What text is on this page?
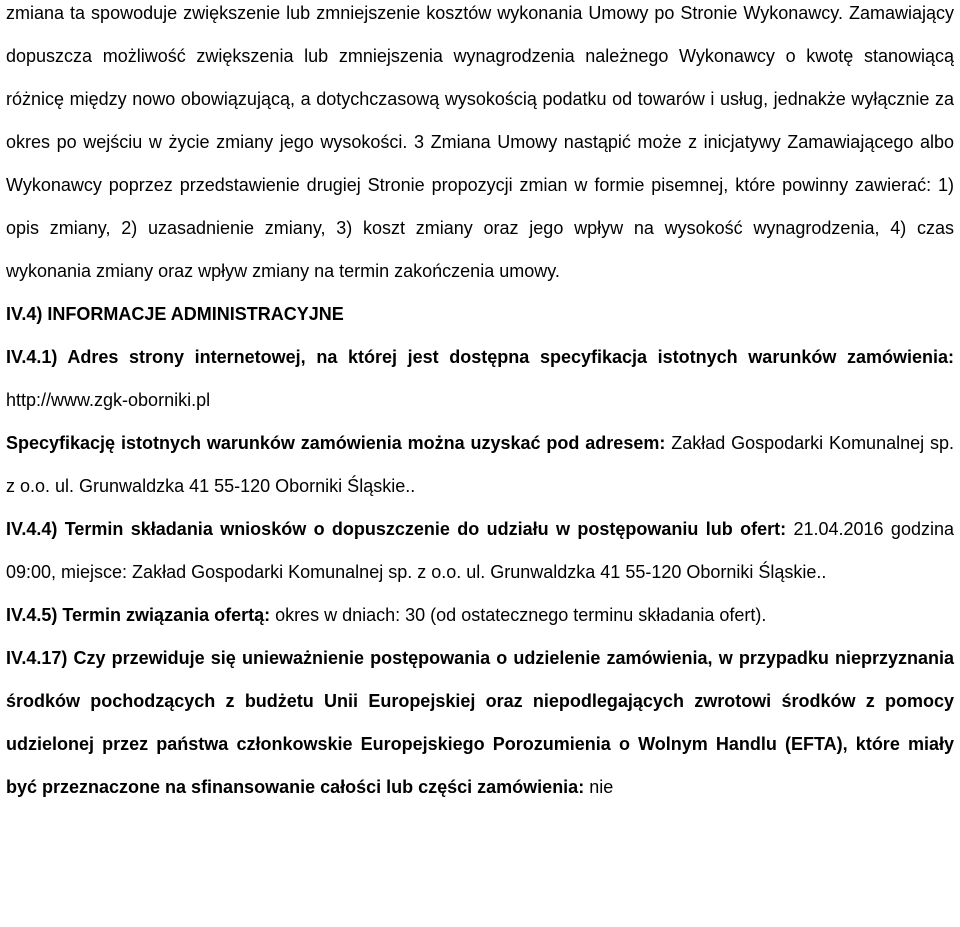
zmiana ta spowoduje zwiększenie lub zmniejszenie kosztów wykonania Umowy po Stronie Wykonawcy. Zamawiający dopuszcza możliwość zwiększenia lub zmniejszenia wynagrodzenia należnego Wykonawcy o kwotę stanowiącą różnicę między nowo obowiązującą, a dotychczasową wysokością podatku od towarów i usług, jednakże wyłącznie za okres po wejściu w życie zmiany jego wysokości. 3 Zmiana Umowy nastąpić może z inicjatywy Zamawiającego albo Wykonawcy poprzez przedstawienie drugiej Stronie propozycji zmian w formie pisemnej, które powinny zawierać: 1) opis zmiany, 2) uzasadnienie zmiany, 3) koszt zmiany oraz jego wpływ na wysokość wynagrodzenia, 4) czas wykonania zmiany oraz wpływ zmiany na termin zakończenia umowy.

IV.4) INFORMACJE ADMINISTRACYJNE

IV.4.1) Adres strony internetowej, na której jest dostępna specyfikacja istotnych warunków zamówienia: http://www.zgk-oborniki.pl

Specyfikację istotnych warunków zamówienia można uzyskać pod adresem: Zakład Gospodarki Komunalnej sp. z o.o. ul. Grunwaldzka 41 55-120 Oborniki Śląskie..

IV.4.4) Termin składania wniosków o dopuszczenie do udziału w postępowaniu lub ofert: 21.04.2016 godzina 09:00, miejsce: Zakład Gospodarki Komunalnej sp. z o.o. ul. Grunwaldzka 41 55-120 Oborniki Śląskie..

IV.4.5) Termin związania ofertą: okres w dniach: 30 (od ostatecznego terminu składania ofert).

IV.4.17) Czy przewiduje się unieważnienie postępowania o udzielenie zamówienia, w przypadku nieprzyznania środków pochodzących z budżetu Unii Europejskiej oraz niepodlegających zwrotowi środków z pomocy udzielonej przez państwa członkowskie Europejskiego Porozumienia o Wolnym Handlu (EFTA), które miały być przeznaczone na sfinansowanie całości lub części zamówienia: nie
